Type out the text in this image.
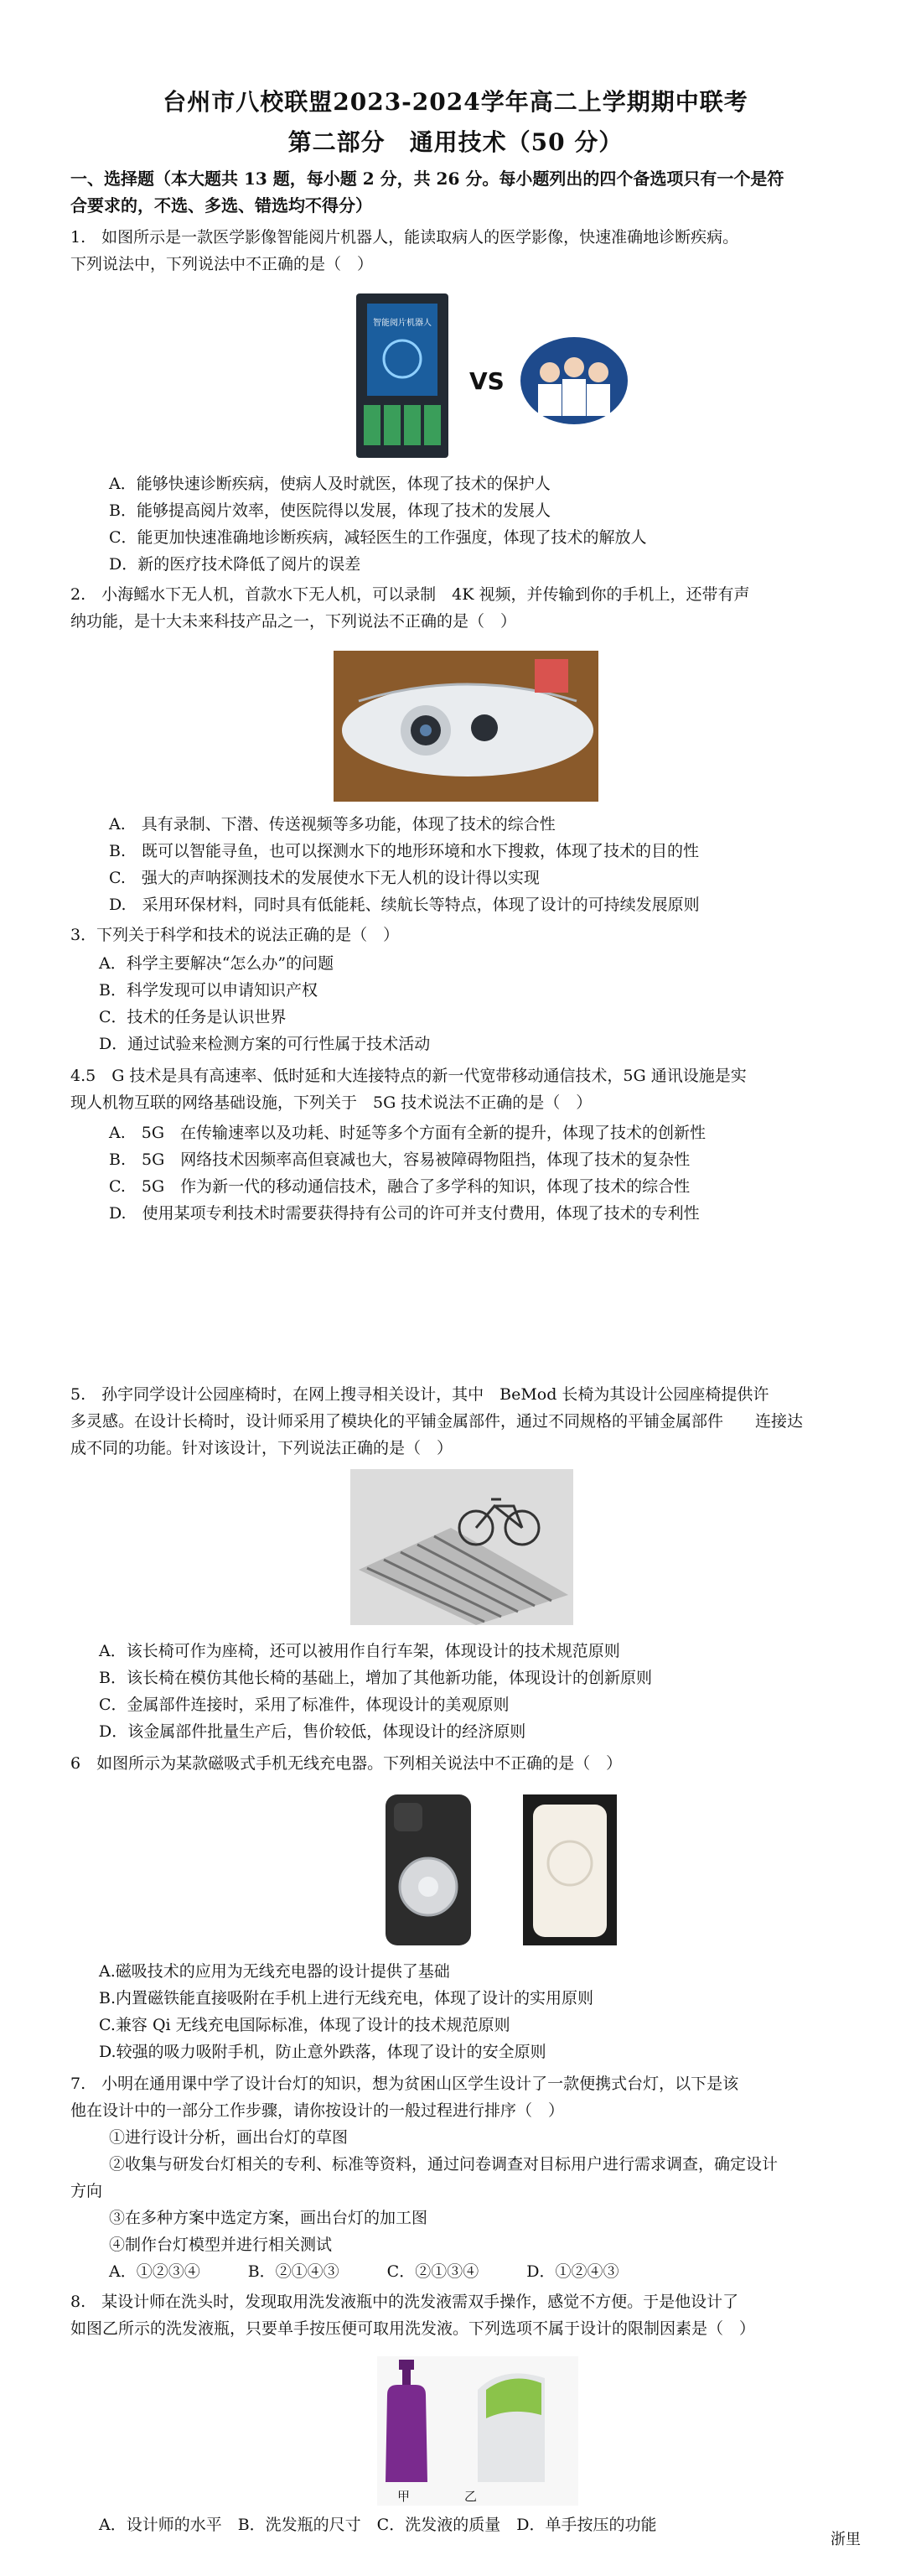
台州市八校联盟2023-2024学年高二上学期期中联考
第二部分　通用技术（50 分）
一、选择题（本大题共 13 题，每小题 2 分，共 26 分。每小题列出的四个备选项只有一个是符
合要求的，不选、多选、错选均不得分）
1.　如图所示是一款医学影像智能阅片机器人，能读取病人的医学影像，快速准确地诊断疾病。
下列说法中，下列说法中不正确的是（　）
智能阅片机器人
VS
A．能够快速诊断疾病，使病人及时就医，体现了技术的保护人
B．能够提高阅片效率，使医院得以发展，体现了技术的发展人
C．能更加快速准确地诊断疾病，减轻医生的工作强度，体现了技术的解放人
D．新的医疗技术降低了阅片的误差
2.　小海鳐水下无人机，首款水下无人机，可以录制　4K 视频，并传输到你的手机上，还带有声
纳功能，是十大未来科技产品之一，下列说法不正确的是（　）
A.　具有录制、下潜、传送视频等多功能，体现了技术的综合性
B.　既可以智能寻鱼，也可以探测水下的地形环境和水下搜救，体现了技术的目的性
C.　强大的声呐探测技术的发展使水下无人机的设计得以实现
D.　采用环保材料，同时具有低能耗、续航长等特点，体现了设计的可持续发展原则
3．下列关于科学和技术的说法正确的是（　）
A．科学主要解决“怎么办”的问题
B．科学发现可以申请知识产权
C．技术的任务是认识世界
D．通过试验来检测方案的可行性属于技术活动
4.5　G 技术是具有高速率、低时延和大连接特点的新一代宽带移动通信技术，5G 通讯设施是实
现人机物互联的网络基础设施，下列关于　5G 技术说法不正确的是（　）
A.　5G　在传输速率以及功耗、时延等多个方面有全新的提升，体现了技术的创新性
B.　5G　网络技术因频率高但衰减也大，容易被障碍物阻挡，体现了技术的复杂性
C.　5G　作为新一代的移动通信技术，融合了多学科的知识，体现了技术的综合性
D.　使用某项专利技术时需要获得持有公司的许可并支付费用，体现了技术的专利性
5.　孙宇同学设计公园座椅时，在网上搜寻相关设计，其中　BeMod 长椅为其设计公园座椅提供许
多灵感。在设计长椅时，设计师采用了模块化的平铺金属部件，通过不同规格的平铺金属部件　　连接达
成不同的功能。针对该设计，下列说法正确的是（　）
A．该长椅可作为座椅，还可以被用作自行车架，体现设计的技术规范原则
B．该长椅在模仿其他长椅的基础上，增加了其他新功能，体现设计的创新原则
C．金属部件连接时，采用了标准件，体现设计的美观原则
D．该金属部件批量生产后，售价较低，体现设计的经济原则
6　如图所示为某款磁吸式手机无线充电器。下列相关说法中不正确的是（　）
A.磁吸技术的应用为无线充电器的设计提供了基础
B.内置磁铁能直接吸附在手机上进行无线充电，体现了设计的实用原则
C.兼容 Qi 无线充电国际标准，体现了设计的技术规范原则
D.较强的吸力吸附手机，防止意外跌落，体现了设计的安全原则
7.　小明在通用课中学了设计台灯的知识，想为贫困山区学生设计了一款便携式台灯，以下是该
他在设计中的一部分工作步骤，请你按设计的一般过程进行排序（　）
①进行设计分析，画出台灯的草图
②收集与研发台灯相关的专利、标准等资料，通过问卷调查对目标用户进行需求调查，确定设计
方向
③在多种方案中选定方案，画出台灯的加工图
④制作台灯模型并进行相关测试
A．①②③④　　　B．②①④③　　　C．②①③④　　　D．①②④③
8.　某设计师在洗头时，发现取用洗发液瓶中的洗发液需双手操作，感觉不方便。于是他设计了
如图乙所示的洗发液瓶，只要单手按压便可取用洗发液。下列选项不属于设计的限制因素是（　）
甲	乙
A．设计师的水平　B．洗发瓶的尺寸　C．洗发液的质量　D．单手按压的功能
浙里
